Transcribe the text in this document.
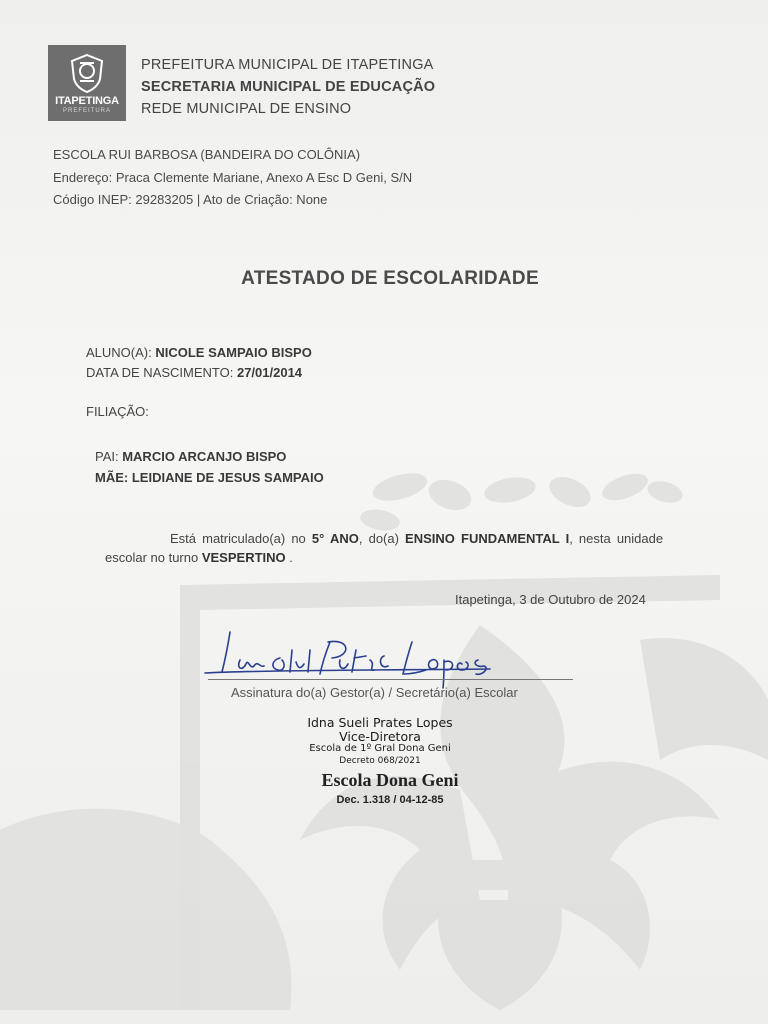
ITAPETINGA
PREFEITURA
PREFEITURA MUNICIPAL DE ITAPETINGA
SECRETARIA MUNICIPAL DE EDUCAÇÃO
REDE MUNICIPAL DE ENSINO
ESCOLA RUI BARBOSA (BANDEIRA DO COLÔNIA)
Endereço: Praca Clemente Mariane, Anexo A Esc D Geni, S/N
Código INEP: 29283205 | Ato de Criação: None
ATESTADO DE ESCOLARIDADE
ALUNO(A): NICOLE SAMPAIO BISPO
DATA DE NASCIMENTO: 27/01/2014
FILIAÇÃO:
PAI: MARCIO ARCANJO BISPO
MÃE: LEIDIANE DE JESUS SAMPAIO
Está matriculado(a) no 5° ANO, do(a) ENSINO FUNDAMENTAL I, nesta unidade
escolar no turno VESPERTINO .
Itapetinga, 3 de Outubro de 2024
Assinatura do(a) Gestor(a) / Secretário(a) Escolar
Idna Sueli Prates Lopes
Vice-Diretora
Escola de 1º Gral Dona Geni
Decreto 068/2021
Escola Dona Geni
Dec. 1.318 / 04-12-85
